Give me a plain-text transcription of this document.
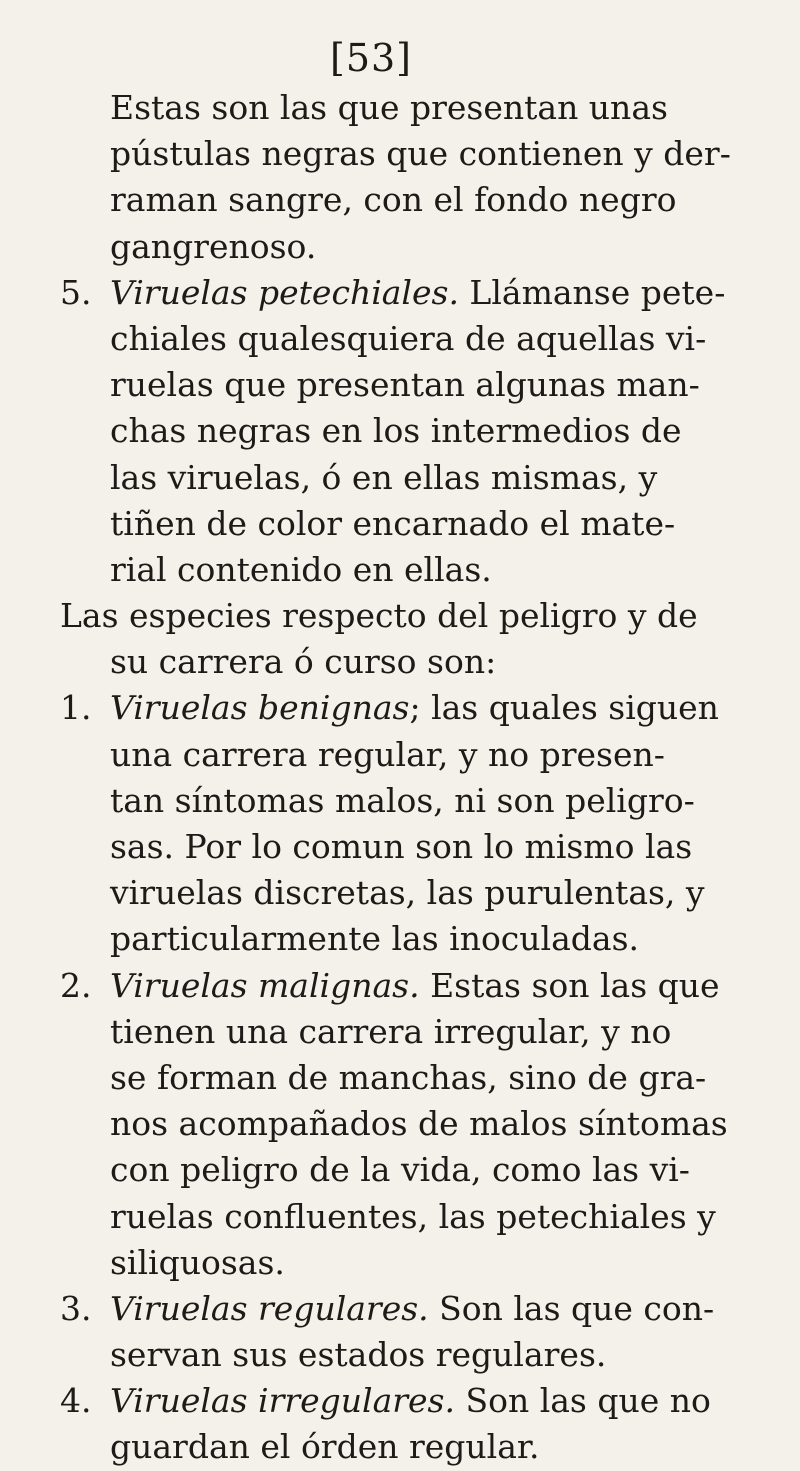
[53]
Estas son las que presentan unas
pústulas negras que contienen y der-
raman sangre, con el fondo negro
gangrenoso.
5. Viruelas petechiales. Llámanse pete-
chiales qualesquiera de aquellas vi-
ruelas que presentan algunas man-
chas negras en los intermedios de
las viruelas, ó en ellas mismas, y
tiñen de color encarnado el mate-
rial contenido en ellas.
Las especies respecto del peligro y de
su carrera ó curso son:
1. Viruelas benignas; las quales siguen
una carrera regular, y no presen-
tan síntomas malos, ni son peligro-
sas. Por lo comun son lo mismo las
viruelas discretas, las purulentas, y
particularmente las inoculadas.
2. Viruelas malignas. Estas son las que
tienen una carrera irregular, y no
se forman de manchas, sino de gra-
nos acompañados de malos síntomas
con peligro de la vida, como las vi-
ruelas confluentes, las petechiales y
siliquosas.
3. Viruelas regulares. Son las que con-
servan sus estados regulares.
4. Viruelas irregulares. Son las que no
guardan el órden regular.
